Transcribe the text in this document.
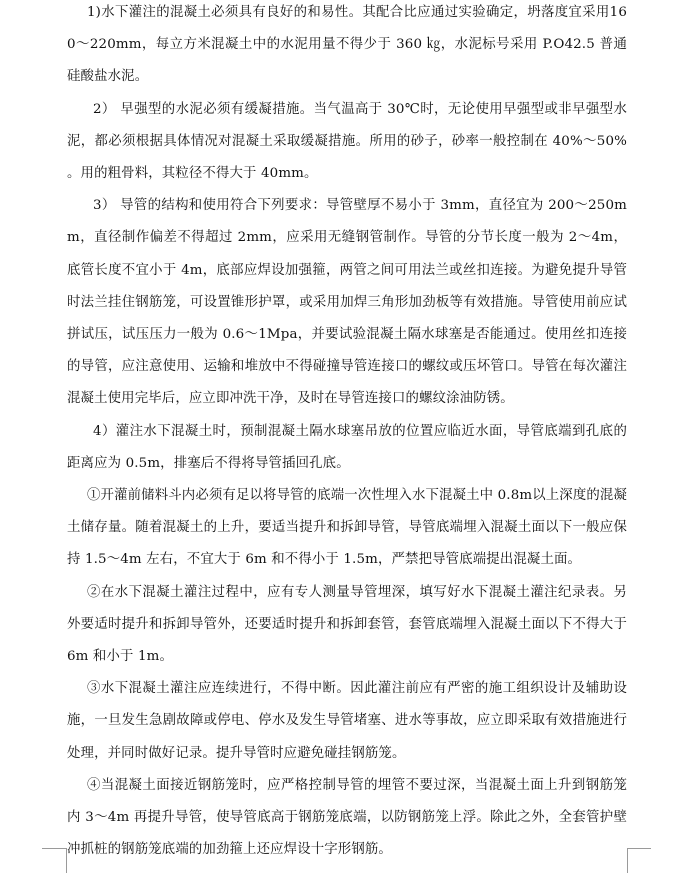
1)水下灌注的混凝土必须具有良好的和易性。其配合比应通过实验确定，坍落度宜采用160～220mm，每立方米混凝土中的水泥用量不得少于 360 ㎏，水泥标号采用 P.O42.5 普通硅酸盐水泥。

2） 早强型的水泥必须有缓凝措施。当气温高于 30℃时，无论使用早强型或非早强型水泥，都必须根据具体情况对混凝土采取缓凝措施。所用的砂子，砂率一般控制在 40%～50% 。用的粗骨料，其粒径不得大于 40mm。

3） 导管的结构和使用符合下列要求：导管壁厚不易小于 3mm，直径宜为 200～250mm，直径制作偏差不得超过 2mm，应采用无缝钢管制作。导管的分节长度一般为 2～4m，底管长度不宜小于 4m，底部应焊设加强箍，两管之间可用法兰或丝扣连接。为避免提升导管时法兰挂住钢筋笼，可设置锥形护罩，或采用加焊三角形加劲板等有效措施。导管使用前应试拼试压，试压压力一般为 0.6～1Mpa，并要试验混凝土隔水球塞是否能通过。使用丝扣连接的导管，应注意使用、运输和堆放中不得碰撞导管连接口的螺纹或压坏管口。导管在每次灌注混凝土使用完毕后，应立即冲洗干净，及时在导管连接口的螺纹涂油防锈。

4）灌注水下混凝土时，预制混凝土隔水球塞吊放的位置应临近水面，导管底端到孔底的距离应为 0.5m，排塞后不得将导管插回孔底。

①开灌前储料斗内必须有足以将导管的底端一次性埋入水下混凝土中 0.8m以上深度的混凝土储存量。随着混凝土的上升，要适当提升和拆卸导管，导管底端埋入混凝土面以下一般应保持 1.5～4m 左右，不宜大于 6m 和不得小于 1.5m，严禁把导管底端提出混凝土面。

②在水下混凝土灌注过程中，应有专人测量导管埋深，填写好水下混凝土灌注纪录表。另外要适时提升和拆卸导管外，还要适时提升和拆卸套管，套管底端埋入混凝土面以下不得大于 6m 和小于 1m。

③水下混凝土灌注应连续进行，不得中断。因此灌注前应有严密的施工组织设计及辅助设施，一旦发生急剧故障或停电、停水及发生导管堵塞、进水等事故，应立即采取有效措施进行处理，并同时做好记录。提升导管时应避免碰挂钢筋笼。

④当混凝土面接近钢筋笼时，应严格控制导管的埋管不要过深，当混凝土面上升到钢筋笼内 3～4m 再提升导管，使导管底高于钢筋笼底端，以防钢筋笼上浮。除此之外，全套管护壁冲抓桩的钢筋笼底端的加劲箍上还应焊设十字形钢筋。
